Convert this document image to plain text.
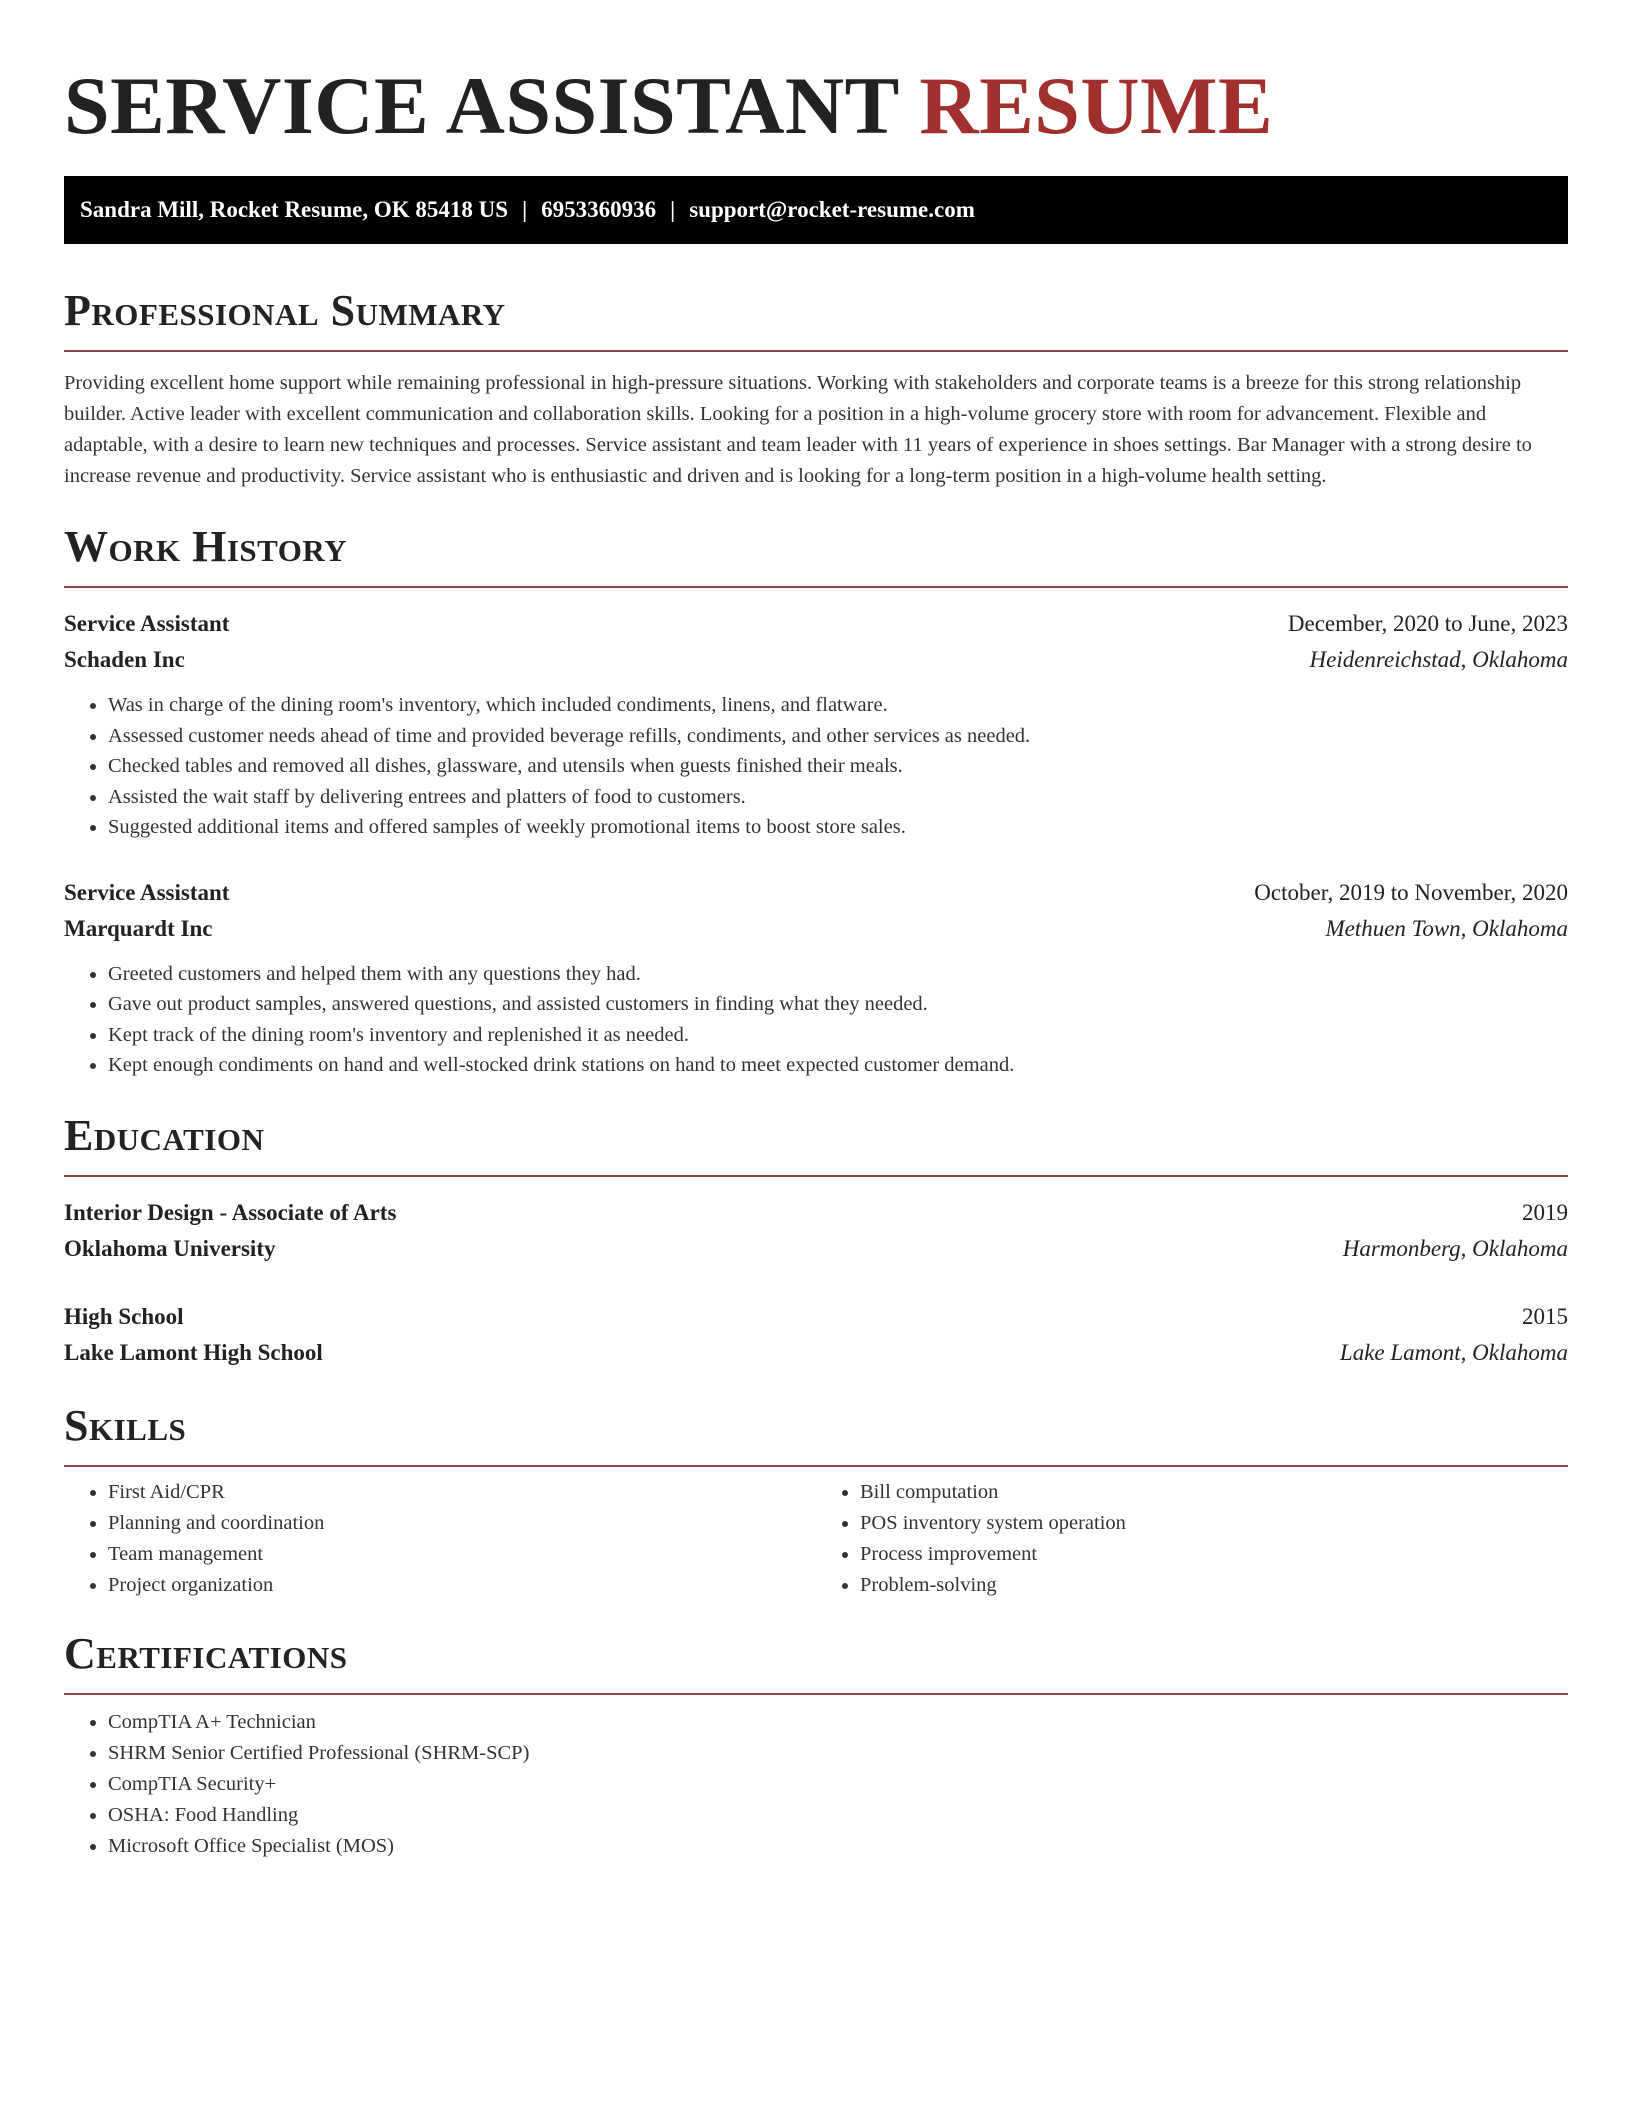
SERVICE ASSISTANT RESUME
Sandra Mill, Rocket Resume, OK 85418 US | 6953360936 | support@rocket-resume.com
Professional Summary

Providing excellent home support while remaining professional in high-pressure situations. Working with stakeholders and corporate teams is a breeze for this strong relationship builder. Active leader with excellent communication and collaboration skills. Looking for a position in a high-volume grocery store with room for advancement. Flexible and adaptable, with a desire to learn new techniques and processes. Service assistant and team leader with 11 years of experience in shoes settings. Bar Manager with a strong desire to increase revenue and productivity. Service assistant who is enthusiastic and driven and is looking for a long-term position in a high-volume health setting.

Work History
Service Assistant	December, 2020 to June, 2023
Schaden Inc	Heidenreichstad, Oklahoma
• Was in charge of the dining room's inventory, which included condiments, linens, and flatware.
• Assessed customer needs ahead of time and provided beverage refills, condiments, and other services as needed.
• Checked tables and removed all dishes, glassware, and utensils when guests finished their meals.
• Assisted the wait staff by delivering entrees and platters of food to customers.
• Suggested additional items and offered samples of weekly promotional items to boost store sales.
Service Assistant	October, 2019 to November, 2020
Marquardt Inc	Methuen Town, Oklahoma
• Greeted customers and helped them with any questions they had.
• Gave out product samples, answered questions, and assisted customers in finding what they needed.
• Kept track of the dining room's inventory and replenished it as needed.
• Kept enough condiments on hand and well-stocked drink stations on hand to meet expected customer demand.
Education
Interior Design - Associate of Arts	2019
Oklahoma University	Harmonberg, Oklahoma
High School	2015
Lake Lamont High School	Lake Lamont, Oklahoma
Skills
• First Aid/CPR
• Planning and coordination
• Team management
• Project organization
• Bill computation
• POS inventory system operation
• Process improvement
• Problem-solving
Certifications
• CompTIA A+ Technician
• SHRM Senior Certified Professional (SHRM-SCP)
• CompTIA Security+
• OSHA: Food Handling
• Microsoft Office Specialist (MOS)
